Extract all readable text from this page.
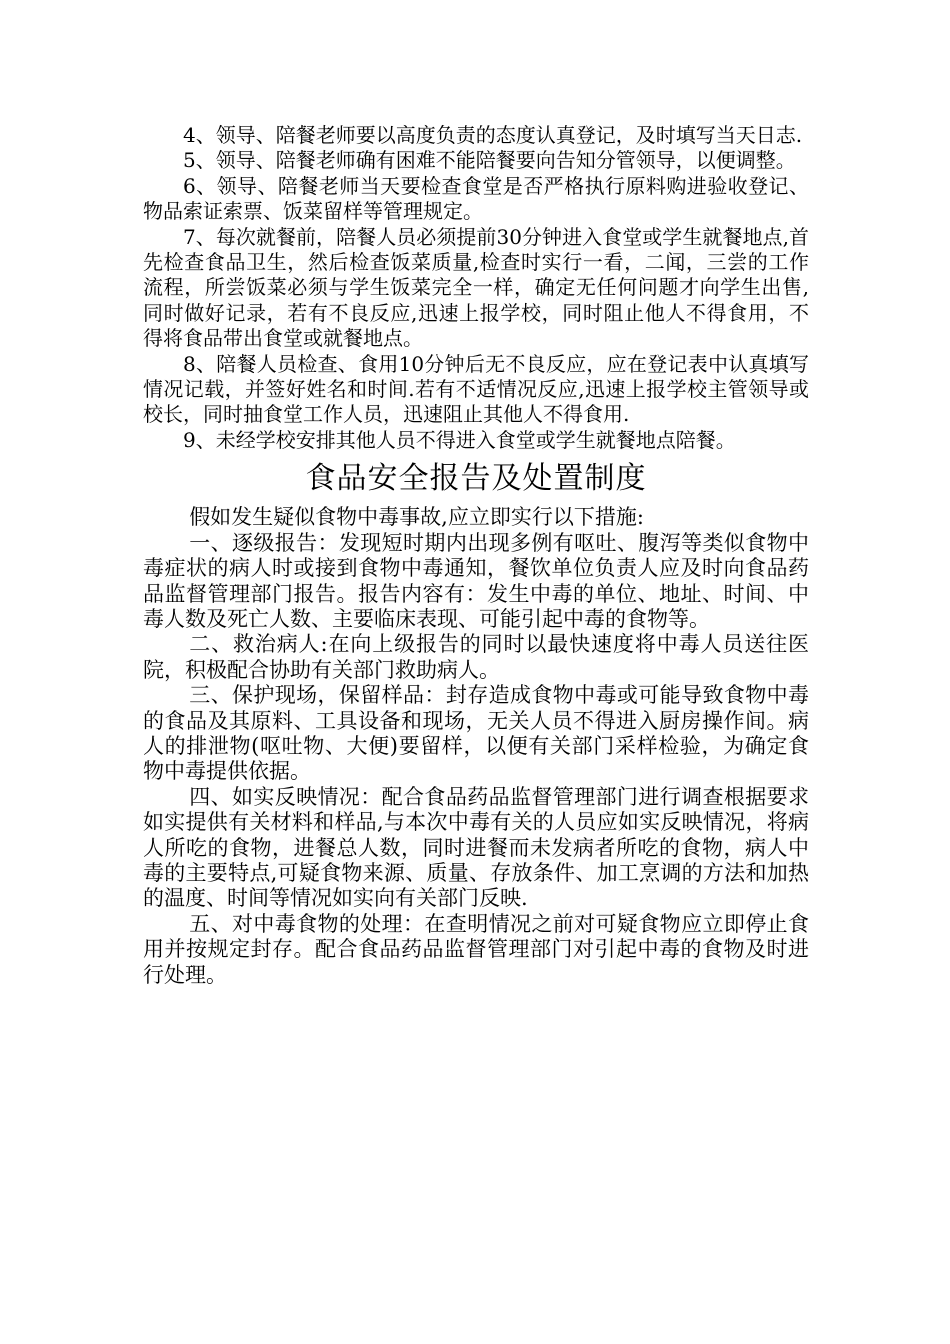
4、领导、陪餐老师要以高度负责的态度认真登记，及时填写当天日志.

5、领导、陪餐老师确有困难不能陪餐要向告知分管领导，以便调整。

6、领导、陪餐老师当天要检查食堂是否严格执行原料购进验收登记、物品索证索票、饭菜留样等管理规定。

7、每次就餐前，陪餐人员必须提前30分钟进入食堂或学生就餐地点,首先检查食品卫生，然后检查饭菜质量,检查时实行一看，二闻，三尝的工作流程，所尝饭菜必须与学生饭菜完全一样，确定无任何问题才向学生出售,同时做好记录，若有不良反应,迅速上报学校，同时阻止他人不得食用，不得将食品带出食堂或就餐地点。

8、陪餐人员检查、食用10分钟后无不良反应，应在登记表中认真填写情况记载，并签好姓名和时间.若有不适情况反应,迅速上报学校主管领导或校长，同时抽食堂工作人员，迅速阻止其他人不得食用.

9、未经学校安排其他人员不得进入食堂或学生就餐地点陪餐。

食品安全报告及处置制度

假如发生疑似食物中毒事故,应立即实行以下措施:

一、逐级报告：发现短时期内出现多例有呕吐、腹泻等类似食物中毒症状的病人时或接到食物中毒通知，餐饮单位负责人应及时向食品药品监督管理部门报告。报告内容有：发生中毒的单位、地址、时间、中毒人数及死亡人数、主要临床表现、可能引起中毒的食物等。

二、救治病人:在向上级报告的同时以最快速度将中毒人员送往医院，积极配合协助有关部门救助病人。

三、保护现场，保留样品：封存造成食物中毒或可能导致食物中毒的食品及其原料、工具设备和现场，无关人员不得进入厨房操作间。病人的排泄物(呕吐物、大便)要留样，以便有关部门采样检验，为确定食物中毒提供依据。

四、如实反映情况：配合食品药品监督管理部门进行调查根据要求如实提供有关材料和样品,与本次中毒有关的人员应如实反映情况，将病人所吃的食物，进餐总人数，同时进餐而未发病者所吃的食物，病人中毒的主要特点,可疑食物来源、质量、存放条件、加工烹调的方法和加热的温度、时间等情况如实向有关部门反映.

五、对中毒食物的处理：在查明情况之前对可疑食物应立即停止食用并按规定封存。配合食品药品监督管理部门对引起中毒的食物及时进行处理。
